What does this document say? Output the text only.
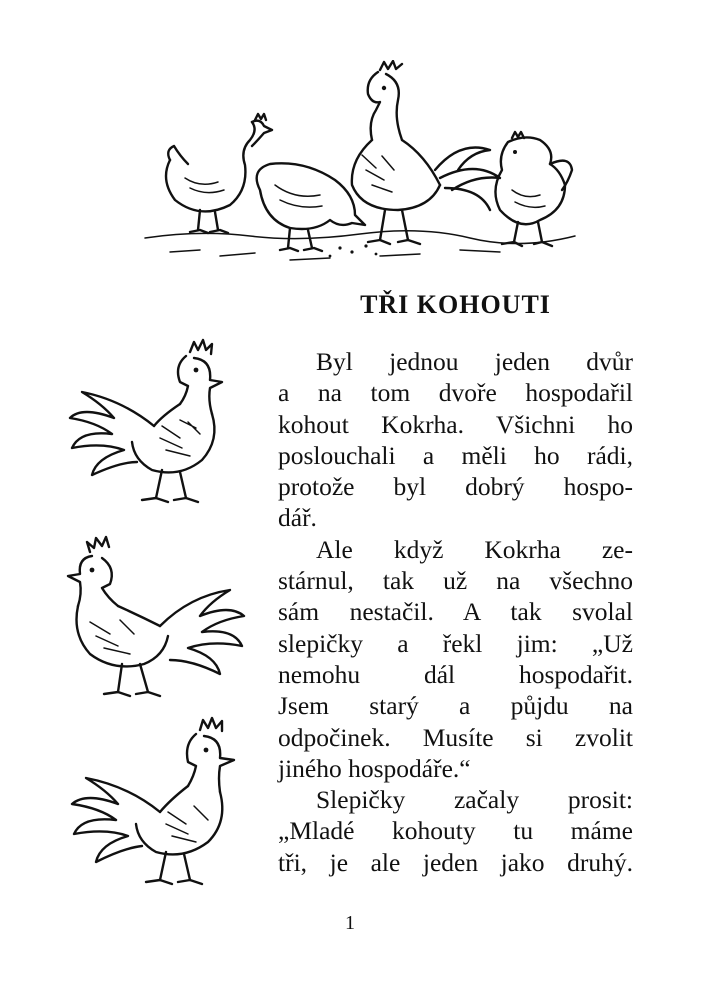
TŘI KOHOUTI
Byl jednou jeden dvůr
a na tom dvoře hospodařil
kohout Kokrha. Všichni ho
poslouchali a měli ho rádi,
protože byl dobrý hospo-
dář.
Ale když Kokrha ze-
stárnul, tak už na všechno
sám nestačil. A tak svolal
slepičky a řekl jim: „Už
nemohu dál hospodařit.
Jsem starý a půjdu na
odpočinek. Musíte si zvolit
jiného hospodáře.“
Slepičky začaly prosit:
„Mladé kohouty tu máme
tři, je ale jeden jako druhý.
1
